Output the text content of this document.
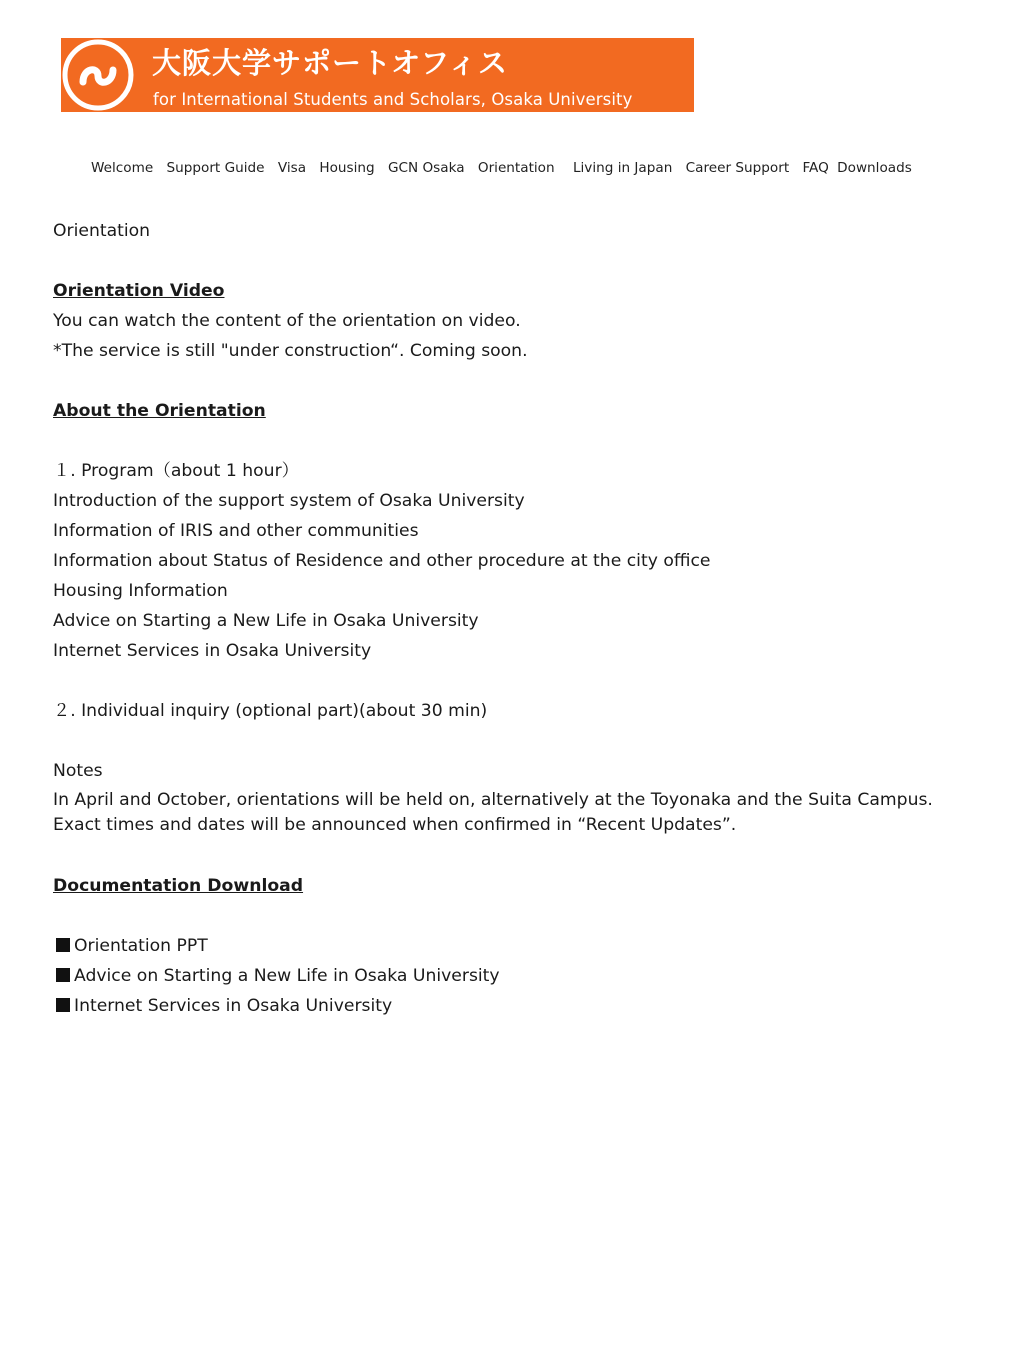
大阪大学サポートオフィス
for International Students and Scholars, Osaka University
Welcome Support Guide Visa Housing GCN Osaka Orientation Living in Japan Career Support FAQ Downloads
Orientation
Orientation Video
You can watch the content of the orientation on video.
*The service is still "under construction“. Coming soon.
About the Orientation
１. Program（about 1 hour）
Introduction of the support system of Osaka University
Information of IRIS and other communities
Information about Status of Residence and other procedure at the city office
Housing Information
Advice on Starting a New Life in Osaka University
Internet Services in Osaka University
２. Individual inquiry (optional part)(about 30 min)
Notes
In April and October, orientations will be held on, alternatively at the Toyonaka and the Suita Campus. Exact times and dates will be announced when confirmed in “Recent Updates”.
Documentation Download
Orientation PPT
Advice on Starting a New Life in Osaka University
Internet Services in Osaka University
